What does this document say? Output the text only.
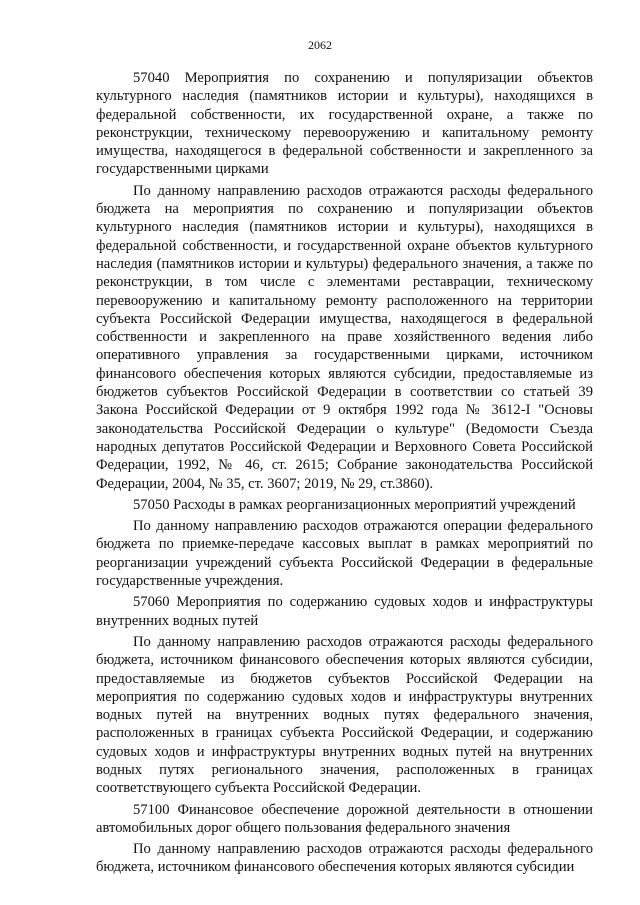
2062

57040 Мероприятия по сохранению и популяризации объектов культурного наследия (памятников истории и культуры), находящихся в федеральной собственности, их государственной охране, а также по реконструкции, техническому перевооружению и капитальному ремонту имущества, находящегося в федеральной собственности и закрепленного за государственными цирками

По данному направлению расходов отражаются расходы федерального бюджета на мероприятия по сохранению и популяризации объектов культурного наследия (памятников истории и культуры), находящихся в федеральной собственности, и государственной охране объектов культурного наследия (памятников истории и культуры) федерального значения, а также по реконструкции, в том числе с элементами реставрации, техническому перевооружению и капитальному ремонту расположенного на территории субъекта Российской Федерации имущества, находящегося в федеральной собственности и закрепленного на праве хозяйственного ведения либо оперативного управления за государственными цирками, источником финансового обеспечения которых являются субсидии, предоставляемые из бюджетов субъектов Российской Федерации в соответствии со статьей 39 Закона Российской Федерации от 9 октября 1992 года № 3612-I "Основы законодательства Российской Федерации о культуре" (Ведомости Съезда народных депутатов Российской Федерации и Верховного Совета Российской Федерации, 1992, № 46, ст. 2615; Собрание законодательства Российской Федерации, 2004, № 35, ст. 3607; 2019, № 29, ст.3860).

57050 Расходы в рамках реорганизационных мероприятий учреждений

По данному направлению расходов отражаются операции федерального бюджета по приемке-передаче кассовых выплат в рамках мероприятий по реорганизации учреждений субъекта Российской Федерации в федеральные государственные учреждения.

57060 Мероприятия по содержанию судовых ходов и инфраструктуры внутренних водных путей

По данному направлению расходов отражаются расходы федерального бюджета, источником финансового обеспечения которых являются субсидии, предоставляемые из бюджетов субъектов Российской Федерации на мероприятия по содержанию судовых ходов и инфраструктуры внутренних водных путей на внутренних водных путях федерального значения, расположенных в границах субъекта Российской Федерации, и содержанию судовых ходов и инфраструктуры внутренних водных путей на внутренних водных путях регионального значения, расположенных в границах соответствующего субъекта Российской Федерации.

57100 Финансовое обеспечение дорожной деятельности в отношении автомобильных дорог общего пользования федерального значения

По данному направлению расходов отражаются расходы федерального бюджета, источником финансового обеспечения которых являются субсидии
